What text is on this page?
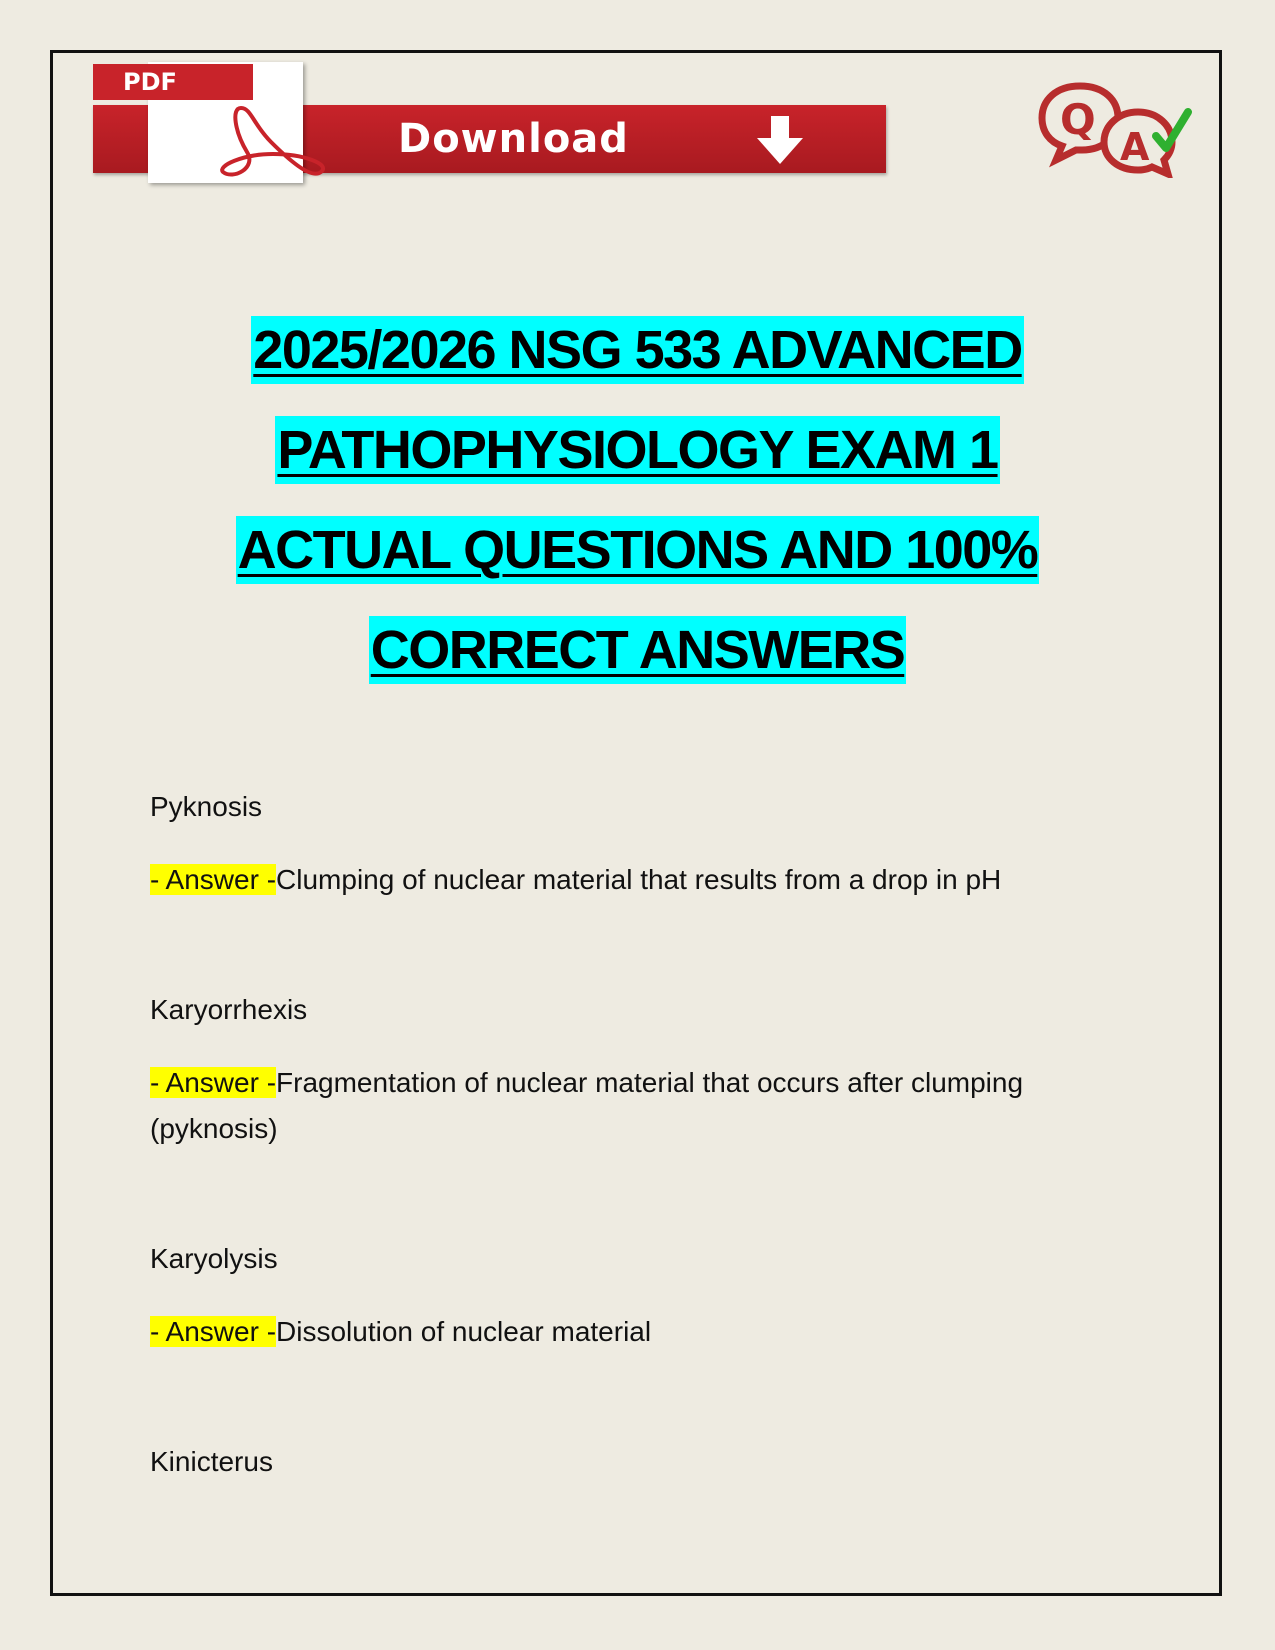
Download
PDF
Q
A
2025/2026 NSG 533 ADVANCED
PATHOPHYSIOLOGY EXAM 1
ACTUAL QUESTIONS AND 100%
CORRECT ANSWERS
Pyknosis
- Answer -Clumping of nuclear material that results from a drop in pH
Karyorrhexis
- Answer -Fragmentation of nuclear material that occurs after clumping (pyknosis)
Karyolysis
- Answer -Dissolution of nuclear material
Kinicterus
